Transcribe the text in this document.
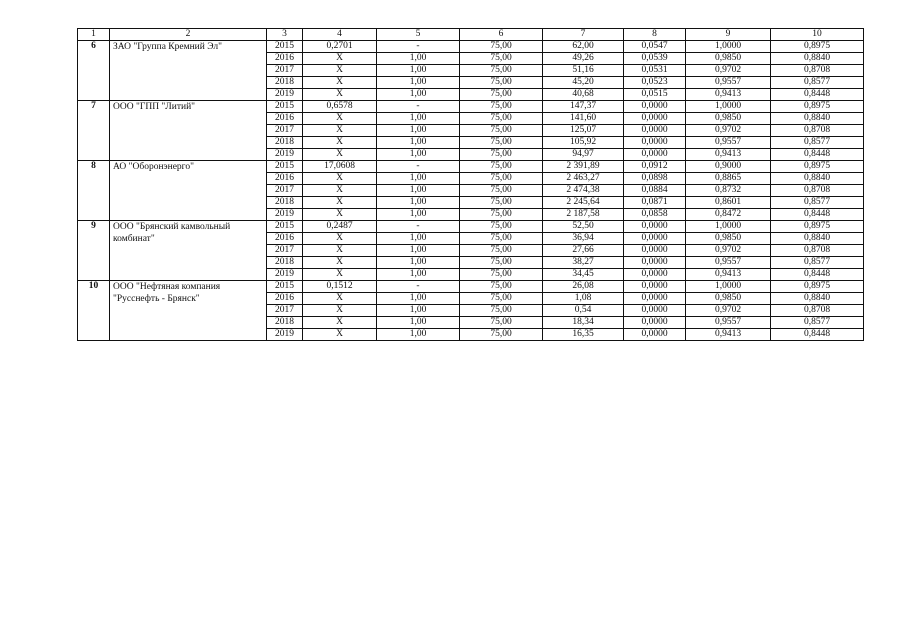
1	2	3	4	5	6	7	8	9	10
6	ЗАО "Группа Кремний Эл"	2015	0,2701	-	75,00	62,00	0,0547	1,0000	0,8975
		2016	X	1,00	75,00	49,26	0,0539	0,9850	0,8840
		2017	X	1,00	75,00	51,16	0,0531	0,9702	0,8708
		2018	X	1,00	75,00	45,20	0,0523	0,9557	0,8577
		2019	X	1,00	75,00	40,68	0,0515	0,9413	0,8448
7	ООО "ГПП "Литий"	2015	0,6578	-	75,00	147,37	0,0000	1,0000	0,8975
		2016	X	1,00	75,00	141,60	0,0000	0,9850	0,8840
		2017	X	1,00	75,00	125,07	0,0000	0,9702	0,8708
		2018	X	1,00	75,00	105,92	0,0000	0,9557	0,8577
		2019	X	1,00	75,00	94,97	0,0000	0,9413	0,8448
8	АО "Оборонэнерго"	2015	17,0608	-	75,00	2 391,89	0,0912	0,9000	0,8975
		2016	X	1,00	75,00	2 463,27	0,0898	0,8865	0,8840
		2017	X	1,00	75,00	2 474,38	0,0884	0,8732	0,8708
		2018	X	1,00	75,00	2 245,64	0,0871	0,8601	0,8577
		2019	X	1,00	75,00	2 187,58	0,0858	0,8472	0,8448
9	ООО "Брянский камвольный комбинат"	2015	0,2487	-	75,00	52,50	0,0000	1,0000	0,8975
		2016	X	1,00	75,00	36,94	0,0000	0,9850	0,8840
		2017	X	1,00	75,00	27,66	0,0000	0,9702	0,8708
		2018	X	1,00	75,00	38,27	0,0000	0,9557	0,8577
		2019	X	1,00	75,00	34,45	0,0000	0,9413	0,8448
10	ООО "Нефтяная компания "Русснефть - Брянск"	2015	0,1512	-	75,00	26,08	0,0000	1,0000	0,8975
		2016	X	1,00	75,00	1,08	0,0000	0,9850	0,8840
		2017	X	1,00	75,00	0,54	0,0000	0,9702	0,8708
		2018	X	1,00	75,00	18,34	0,0000	0,9557	0,8577
		2019	X	1,00	75,00	16,35	0,0000	0,9413	0,8448
